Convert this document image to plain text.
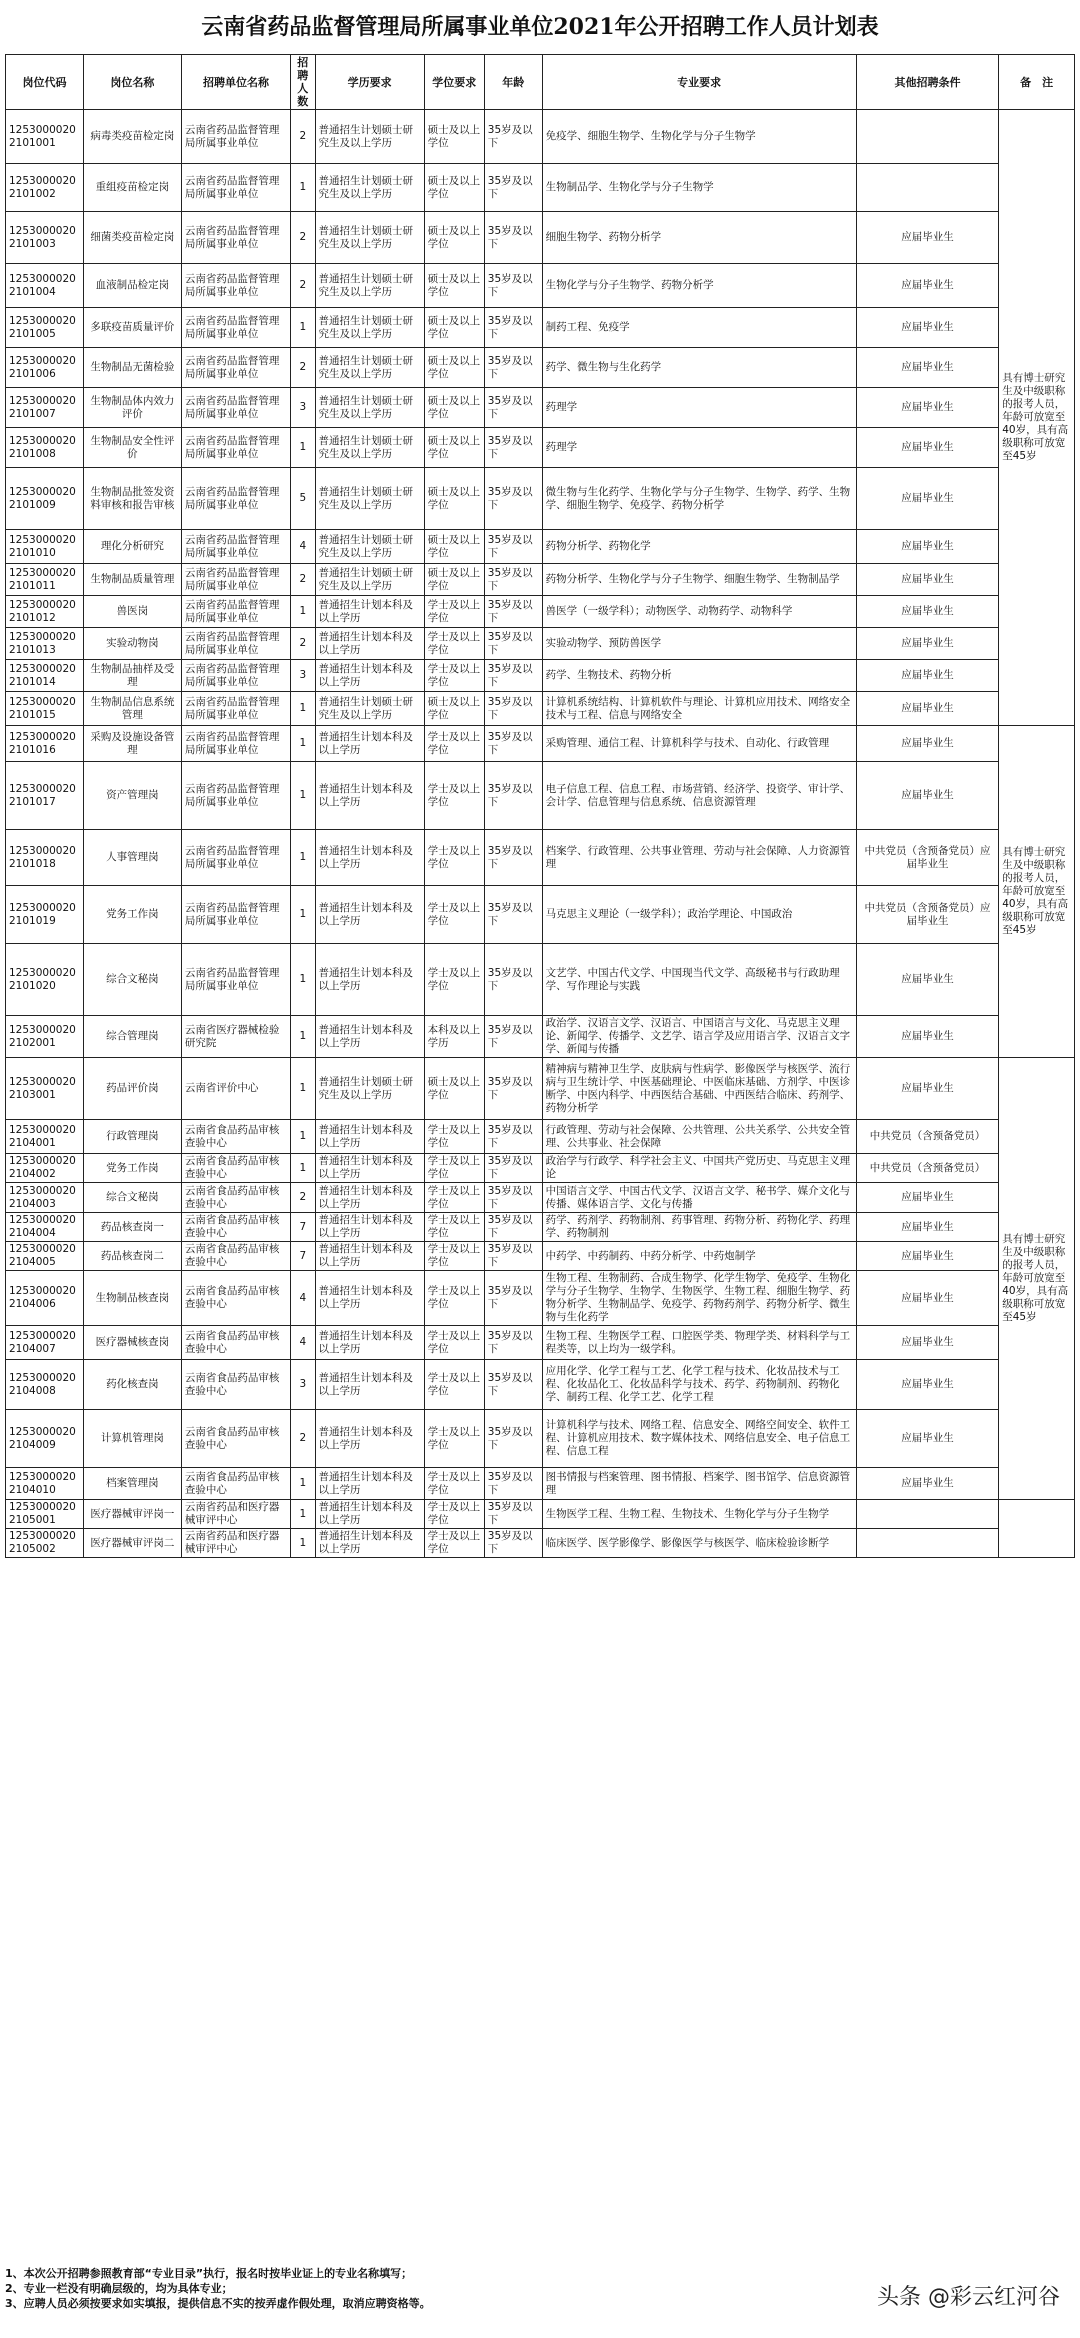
云南省药品监督管理局所属事业单位2021年公开招聘工作人员计划表
岗位代码	岗位名称	招聘单位名称	招聘人数	学历要求	学位要求	年龄	专业要求	其他招聘条件	备　注
12530000202101001	病毒类疫苗检定岗	云南省药品监督管理局所属事业单位	2	普通招生计划硕士研究生及以上学历	硕士及以上学位	35岁及以下	免疫学、细胞生物学、生物化学与分子生物学		具有博士研究生及中级职称的报考人员，年龄可放宽至40岁，具有高级职称可放宽至45岁
12530000202101002	重组疫苗检定岗	云南省药品监督管理局所属事业单位	1	普通招生计划硕士研究生及以上学历	硕士及以上学位	35岁及以下	生物制品学、生物化学与分子生物学		
12530000202101003	细菌类疫苗检定岗	云南省药品监督管理局所属事业单位	2	普通招生计划硕士研究生及以上学历	硕士及以上学位	35岁及以下	细胞生物学、药物分析学	应届毕业生	
12530000202101004	血液制品检定岗	云南省药品监督管理局所属事业单位	2	普通招生计划硕士研究生及以上学历	硕士及以上学位	35岁及以下	生物化学与分子生物学、药物分析学	应届毕业生	
12530000202101005	多联疫苗质量评价	云南省药品监督管理局所属事业单位	1	普通招生计划硕士研究生及以上学历	硕士及以上学位	35岁及以下	制药工程、免疫学	应届毕业生	
12530000202101006	生物制品无菌检验	云南省药品监督管理局所属事业单位	2	普通招生计划硕士研究生及以上学历	硕士及以上学位	35岁及以下	药学、微生物与生化药学	应届毕业生	
12530000202101007	生物制品体内效力评价	云南省药品监督管理局所属事业单位	3	普通招生计划硕士研究生及以上学历	硕士及以上学位	35岁及以下	药理学	应届毕业生	
12530000202101008	生物制品安全性评价	云南省药品监督管理局所属事业单位	1	普通招生计划硕士研究生及以上学历	硕士及以上学位	35岁及以下	药理学	应届毕业生	
12530000202101009	生物制品批签发资料审核和报告审核	云南省药品监督管理局所属事业单位	5	普通招生计划硕士研究生及以上学历	硕士及以上学位	35岁及以下	微生物与生化药学、生物化学与分子生物学、生物学、药学、生物学、细胞生物学、免疫学、药物分析学	应届毕业生	
12530000202101010	理化分析研究	云南省药品监督管理局所属事业单位	4	普通招生计划硕士研究生及以上学历	硕士及以上学位	35岁及以下	药物分析学、药物化学	应届毕业生	
12530000202101011	生物制品质量管理	云南省药品监督管理局所属事业单位	2	普通招生计划硕士研究生及以上学历	硕士及以上学位	35岁及以下	药物分析学、生物化学与分子生物学、细胞生物学、生物制品学	应届毕业生	
12530000202101012	兽医岗	云南省药品监督管理局所属事业单位	1	普通招生计划本科及以上学历	学士及以上学位	35岁及以下	兽医学（一级学科）；动物医学、动物药学、动物科学	应届毕业生	
12530000202101013	实验动物岗	云南省药品监督管理局所属事业单位	2	普通招生计划本科及以上学历	学士及以上学位	35岁及以下	实验动物学、预防兽医学	应届毕业生	
12530000202101014	生物制品抽样及受理	云南省药品监督管理局所属事业单位	3	普通招生计划本科及以上学历	学士及以上学位	35岁及以下	药学、生物技术、药物分析	应届毕业生	
12530000202101015	生物制品信息系统管理	云南省药品监督管理局所属事业单位	1	普通招生计划硕士研究生及以上学历	硕士及以上学位	35岁及以下	计算机系统结构、计算机软件与理论、计算机应用技术、网络安全技术与工程、信息与网络安全	应届毕业生	
12530000202101016	采购及设施设备管理	云南省药品监督管理局所属事业单位	1	普通招生计划本科及以上学历	学士及以上学位	35岁及以下	采购管理、通信工程、计算机科学与技术、自动化、行政管理	应届毕业生	具有博士研究生及中级职称的报考人员，年龄可放宽至40岁，具有高级职称可放宽至45岁
12530000202101017	资产管理岗	云南省药品监督管理局所属事业单位	1	普通招生计划本科及以上学历	学士及以上学位	35岁及以下	电子信息工程、信息工程、市场营销、经济学、投资学、审计学、会计学、信息管理与信息系统、信息资源管理	应届毕业生	
12530000202101018	人事管理岗	云南省药品监督管理局所属事业单位	1	普通招生计划本科及以上学历	学士及以上学位	35岁及以下	档案学、行政管理、公共事业管理、劳动与社会保障、人力资源管理	中共党员（含预备党员）应届毕业生	
12530000202101019	党务工作岗	云南省药品监督管理局所属事业单位	1	普通招生计划本科及以上学历	学士及以上学位	35岁及以下	马克思主义理论（一级学科）；政治学理论、中国政治	中共党员（含预备党员）应届毕业生	
12530000202101020	综合文秘岗	云南省药品监督管理局所属事业单位	1	普通招生计划本科及以上学历	学士及以上学位	35岁及以下	文艺学、中国古代文学、中国现当代文学、高级秘书与行政助理学、写作理论与实践	应届毕业生	
12530000202102001	综合管理岗	云南省医疗器械检验研究院	1	普通招生计划本科及以上学历	本科及以上学历	35岁及以下	政治学、汉语言文学、汉语言、中国语言与文化、马克思主义理论、新闻学、传播学、文艺学、语言学及应用语言学、汉语言文字学、新闻与传播	应届毕业生	
12530000202103001	药品评价岗	云南省评价中心	1	普通招生计划硕士研究生及以上学历	硕士及以上学位	35岁及以下	精神病与精神卫生学、皮肤病与性病学、影像医学与核医学、流行病与卫生统计学、中医基础理论、中医临床基础、方剂学、中医诊断学、中医内科学、中西医结合基础、中西医结合临床、药剂学、药物分析学	应届毕业生	具有博士研究生及中级职称的报考人员，年龄可放宽至40岁，具有高级职称可放宽至45岁
12530000202104001	行政管理岗	云南省食品药品审核查验中心	1	普通招生计划本科及以上学历	学士及以上学位	35岁及以下	行政管理、劳动与社会保障、公共管理、公共关系学、公共安全管理、公共事业、社会保障	中共党员（含预备党员）	
12530000202104002	党务工作岗	云南省食品药品审核查验中心	1	普通招生计划本科及以上学历	学士及以上学位	35岁及以下	政治学与行政学、科学社会主义、中国共产党历史、马克思主义理论	中共党员（含预备党员）	
12530000202104003	综合文秘岗	云南省食品药品审核查验中心	2	普通招生计划本科及以上学历	学士及以上学位	35岁及以下	中国语言文学、中国古代文学、汉语言文学、秘书学、媒介文化与传播、媒体语言学、文化与传播	应届毕业生	
12530000202104004	药品核查岗一	云南省食品药品审核查验中心	7	普通招生计划本科及以上学历	学士及以上学位	35岁及以下	药学、药剂学、药物制剂、药事管理、药物分析、药物化学、药理学、药物制剂	应届毕业生	
12530000202104005	药品核查岗二	云南省食品药品审核查验中心	7	普通招生计划本科及以上学历	学士及以上学位	35岁及以下	中药学、中药制药、中药分析学、中药炮制学	应届毕业生	
12530000202104006	生物制品核查岗	云南省食品药品审核查验中心	4	普通招生计划本科及以上学历	学士及以上学位	35岁及以下	生物工程、生物制药、合成生物学、化学生物学、免疫学、生物化学与分子生物学、生物学、生物医学、生物工程、细胞生物学、药物分析学、生物制品学、免疫学、药物药剂学、药物分析学、微生物与生化药学	应届毕业生	
12530000202104007	医疗器械核查岗	云南省食品药品审核查验中心	4	普通招生计划本科及以上学历	学士及以上学位	35岁及以下	生物工程、生物医学工程、口腔医学类、物理学类、材料科学与工程类等，以上均为一级学科。	应届毕业生	
12530000202104008	药化核查岗	云南省食品药品审核查验中心	3	普通招生计划本科及以上学历	学士及以上学位	35岁及以下	应用化学、化学工程与工艺、化学工程与技术、化妆品技术与工程、化妆品化工、化妆品科学与技术、药学、药物制剂、药物化学、制药工程、化学工艺、化学工程	应届毕业生	
12530000202104009	计算机管理岗	云南省食品药品审核查验中心	2	普通招生计划本科及以上学历	学士及以上学位	35岁及以下	计算机科学与技术、网络工程、信息安全、网络空间安全、软件工程、计算机应用技术、数字媒体技术、网络信息安全、电子信息工程、信息工程	应届毕业生	
12530000202104010	档案管理岗	云南省食品药品审核查验中心	1	普通招生计划本科及以上学历	学士及以上学位	35岁及以下	图书情报与档案管理、图书情报、档案学、图书馆学、信息资源管理	应届毕业生	
12530000202105001	医疗器械审评岗一	云南省药品和医疗器械审评中心	1	普通招生计划本科及以上学历	学士及以上学位	35岁及以下	生物医学工程、生物工程、生物技术、生物化学与分子生物学		
12530000202105002	医疗器械审评岗二	云南省药品和医疗器械审评中心	1	普通招生计划本科及以上学历	学士及以上学位	35岁及以下	临床医学、医学影像学、影像医学与核医学、临床检验诊断学		
1、本次公开招聘参照教育部“专业目录”执行，报名时按毕业证上的专业名称填写；
2、专业一栏没有明确层级的，均为具体专业；
3、应聘人员必须按要求如实填报，提供信息不实的按弄虚作假处理，取消应聘资格等。	头条 @彩云红河谷
